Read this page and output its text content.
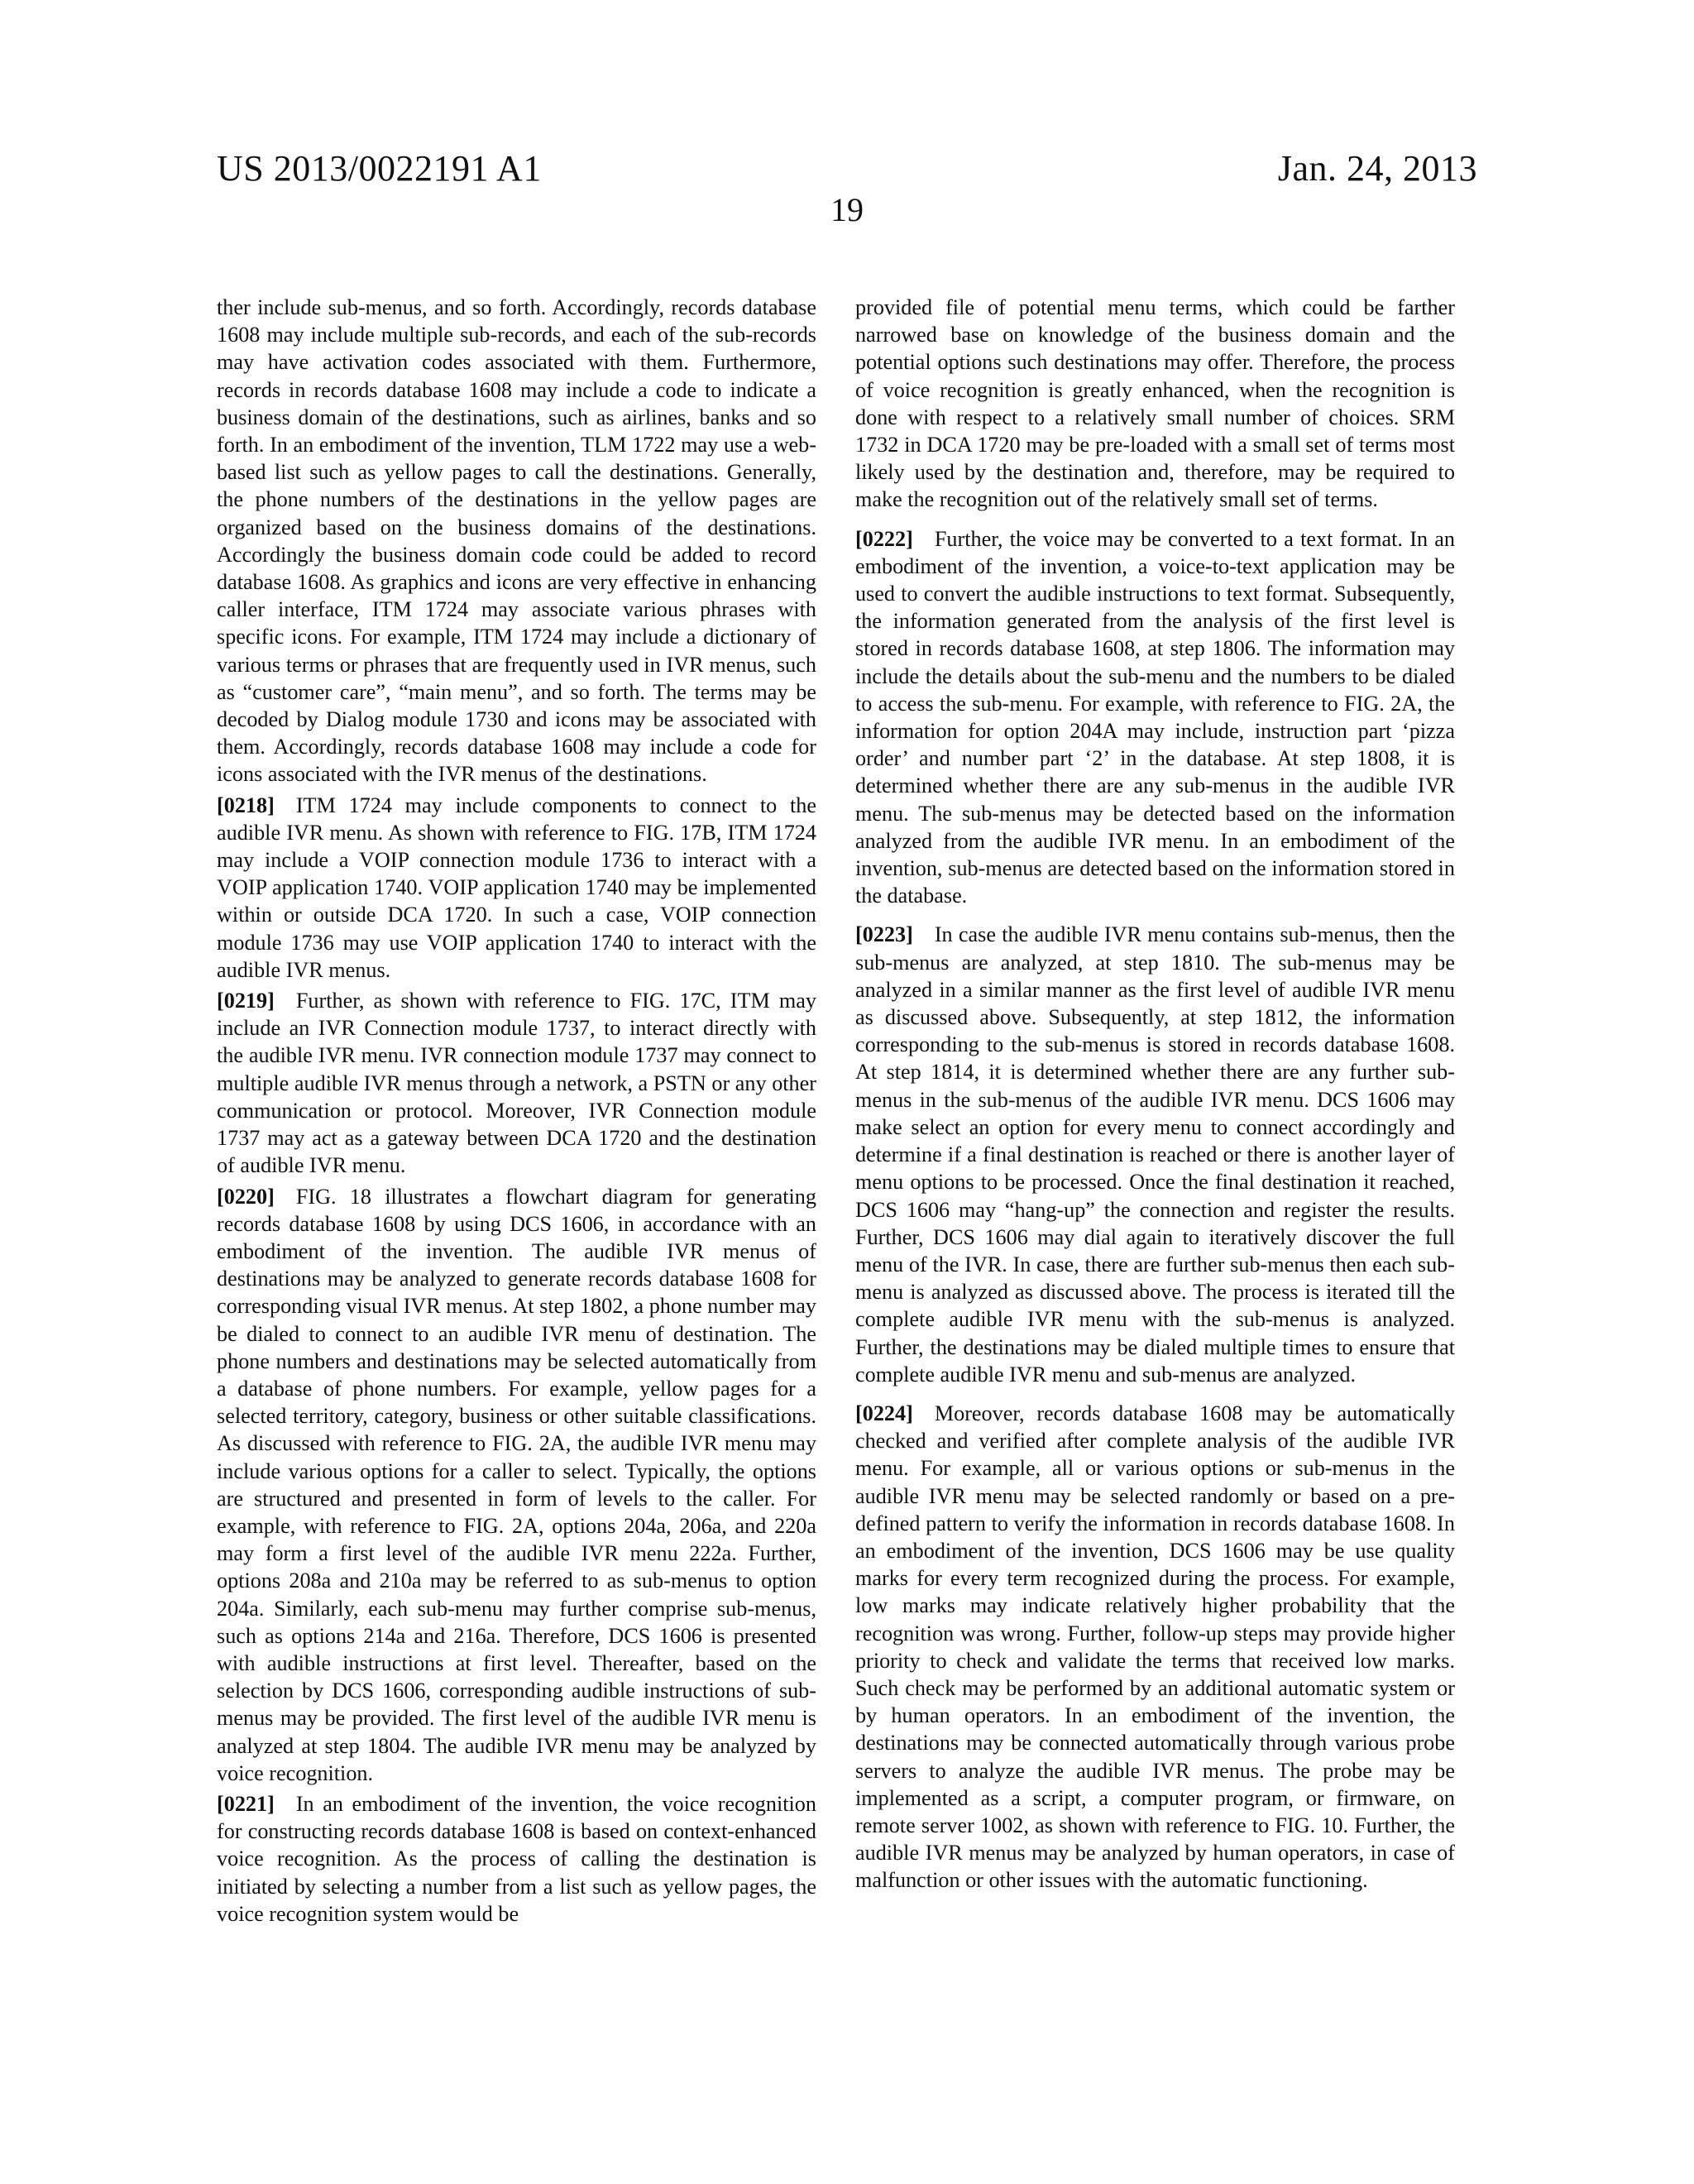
US 2013/0022191 A1	Jan. 24, 2013
19

ther include sub-menus, and so forth. Accordingly, records database 1608 may include multiple sub-records, and each of the sub-records may have activation codes associated with them. Furthermore, records in records database 1608 may include a code to indicate a business domain of the destinations, such as airlines, banks and so forth. In an embodiment of the invention, TLM 1722 may use a web-based list such as yellow pages to call the destinations. Generally, the phone numbers of the destinations in the yellow pages are organized based on the business domains of the destinations. Accordingly the business domain code could be added to record database 1608. As graphics and icons are very effective in enhancing caller interface, ITM 1724 may associate various phrases with specific icons. For example, ITM 1724 may include a dictionary of various terms or phrases that are frequently used in IVR menus, such as “customer care”, “main menu”, and so forth. The terms may be decoded by Dialog module 1730 and icons may be associated with them. Accordingly, records database 1608 may include a code for icons associated with the IVR menus of the destinations.

[0218] ITM 1724 may include components to connect to the audible IVR menu. As shown with reference to FIG. 17B, ITM 1724 may include a VOIP connection module 1736 to interact with a VOIP application 1740. VOIP application 1740 may be implemented within or outside DCA 1720. In such a case, VOIP connection module 1736 may use VOIP application 1740 to interact with the audible IVR menus.

[0219] Further, as shown with reference to FIG. 17C, ITM may include an IVR Connection module 1737, to interact directly with the audible IVR menu. IVR connection module 1737 may connect to multiple audible IVR menus through a network, a PSTN or any other communication or protocol. Moreover, IVR Connection module 1737 may act as a gateway between DCA 1720 and the destination of audible IVR menu.

[0220] FIG. 18 illustrates a flowchart diagram for generating records database 1608 by using DCS 1606, in accordance with an embodiment of the invention. The audible IVR menus of destinations may be analyzed to generate records database 1608 for corresponding visual IVR menus. At step 1802, a phone number may be dialed to connect to an audible IVR menu of destination. The phone numbers and destinations may be selected automatically from a database of phone numbers. For example, yellow pages for a selected territory, category, business or other suitable classifications. As discussed with reference to FIG. 2A, the audible IVR menu may include various options for a caller to select. Typically, the options are structured and presented in form of levels to the caller. For example, with reference to FIG. 2A, options 204a, 206a, and 220a may form a first level of the audible IVR menu 222a. Further, options 208a and 210a may be referred to as sub-menus to option 204a. Similarly, each sub-menu may further comprise sub-menus, such as options 214a and 216a. Therefore, DCS 1606 is presented with audible instructions at first level. Thereafter, based on the selection by DCS 1606, corresponding audible instructions of sub-menus may be provided. The first level of the audible IVR menu is analyzed at step 1804. The audible IVR menu may be analyzed by voice recognition.

[0221] In an embodiment of the invention, the voice recognition for constructing records database 1608 is based on context-enhanced voice recognition. As the process of calling the destination is initiated by selecting a number from a list such as yellow pages, the voice recognition system would be

provided file of potential menu terms, which could be farther narrowed base on knowledge of the business domain and the potential options such destinations may offer. Therefore, the process of voice recognition is greatly enhanced, when the recognition is done with respect to a relatively small number of choices. SRM 1732 in DCA 1720 may be pre-loaded with a small set of terms most likely used by the destination and, therefore, may be required to make the recognition out of the relatively small set of terms.

[0222] Further, the voice may be converted to a text format. In an embodiment of the invention, a voice-to-text application may be used to convert the audible instructions to text format. Subsequently, the information generated from the analysis of the first level is stored in records database 1608, at step 1806. The information may include the details about the sub-menu and the numbers to be dialed to access the sub-menu. For example, with reference to FIG. 2A, the information for option 204A may include, instruction part ‘pizza order’ and number part ‘2’ in the database. At step 1808, it is determined whether there are any sub-menus in the audible IVR menu. The sub-menus may be detected based on the information analyzed from the audible IVR menu. In an embodiment of the invention, sub-menus are detected based on the information stored in the database.

[0223] In case the audible IVR menu contains sub-menus, then the sub-menus are analyzed, at step 1810. The sub-menus may be analyzed in a similar manner as the first level of audible IVR menu as discussed above. Subsequently, at step 1812, the information corresponding to the sub-menus is stored in records database 1608. At step 1814, it is determined whether there are any further sub-menus in the sub-menus of the audible IVR menu. DCS 1606 may make select an option for every menu to connect accordingly and determine if a final destination is reached or there is another layer of menu options to be processed. Once the final destination it reached, DCS 1606 may “hang-up” the connection and register the results. Further, DCS 1606 may dial again to iteratively discover the full menu of the IVR. In case, there are further sub-menus then each sub-menu is analyzed as discussed above. The process is iterated till the complete audible IVR menu with the sub-menus is analyzed. Further, the destinations may be dialed multiple times to ensure that complete audible IVR menu and sub-menus are analyzed.

[0224] Moreover, records database 1608 may be automatically checked and verified after complete analysis of the audible IVR menu. For example, all or various options or sub-menus in the audible IVR menu may be selected randomly or based on a pre-defined pattern to verify the information in records database 1608. In an embodiment of the invention, DCS 1606 may be use quality marks for every term recognized during the process. For example, low marks may indicate relatively higher probability that the recognition was wrong. Further, follow-up steps may provide higher priority to check and validate the terms that received low marks. Such check may be performed by an additional automatic system or by human operators. In an embodiment of the invention, the destinations may be connected automatically through various probe servers to analyze the audible IVR menus. The probe may be implemented as a script, a computer program, or firmware, on remote server 1002, as shown with reference to FIG. 10. Further, the audible IVR menus may be analyzed by human operators, in case of malfunction or other issues with the automatic functioning.
